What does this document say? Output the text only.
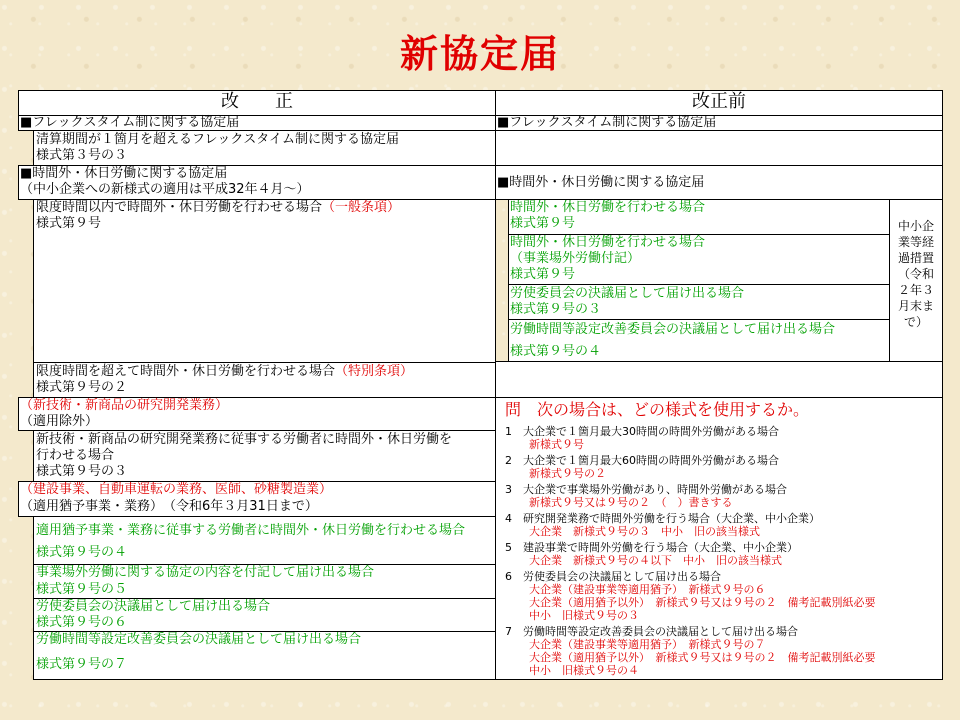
新協定届
改　　正	改正前
■フレックスタイム制に関する協定届
清算期間が１箇月を超えるフレックスタイム制に関する協定届
様式第３号の３
■時間外・休日労働に関する協定届
（中小企業への新様式の適用は平成32年４月〜）
限度時間以内で時間外・休日労働を行わせる場合（一般条項）
様式第９号
限度時間を超えて時間外・休日労働を行わせる場合（特別条項）
様式第９号の２
（新技術・新商品の研究開発業務）
（適用除外）
新技術・新商品の研究開発業務に従事する労働者に時間外・休日労働を
行わせる場合
様式第９号の３
（建設事業、自動車運転の業務、医師、砂糖製造業）
（適用猶予事業・業務）　（令和6年３月31日まで）
適用猶予事業・業務に従事する労働者に時間外・休日労働を行わせる場合
様式第９号の４
事業場外労働に関する協定の内容を付記して届け出る場合
様式第９号の５
労使委員会の決議届として届け出る場合
様式第９号の６
労働時間等設定改善委員会の決議届として届け出る場合
様式第９号の７
■フレックスタイム制に関する協定届
■時間外・休日労働に関する協定届
時間外・休日労働を行わせる場合
様式第９号
時間外・休日労働を行わせる場合
（事業場外労働付記）
様式第９号
労使委員会の決議届として届け出る場合
様式第９号の３
労働時間等設定改善委員会の決議届として届け出る場合
様式第９号の４
中小企
業等経
過措置
（令和
２年３
月末ま
で）
問　次の場合は、どの様式を使用するか。
1　大企業で１箇月最大30時間の時間外労働がある場合
新様式９号
2　大企業で１箇月最大60時間の時間外労働がある場合
新様式９号の２
3　大企業で事業場外労働があり、時間外労働がある場合
新様式９号又は９号の２　（　）書きする
4　研究開発業務で時間外労働を行う場合（大企業、中小企業）
大企業　新様式９号の３　中小　旧の該当様式
5　建設事業で時間外労働を行う場合（大企業、中小企業）
大企業　新様式９号の４以下　中小　旧の該当様式
6　労使委員会の決議届として届け出る場合
大企業（建設事業等適用猶予）　新様式９号の６
大企業（適用猶予以外）　新様式９号又は９号の２　備考記載別紙必要
中小　旧様式９号の３
7　労働時間等設定改善委員会の決議届として届け出る場合
大企業（建設事業等適用猶予）　新様式９号の７
大企業（適用猶予以外）　新様式９号又は９号の２　備考記載別紙必要
中小　旧様式９号の４
